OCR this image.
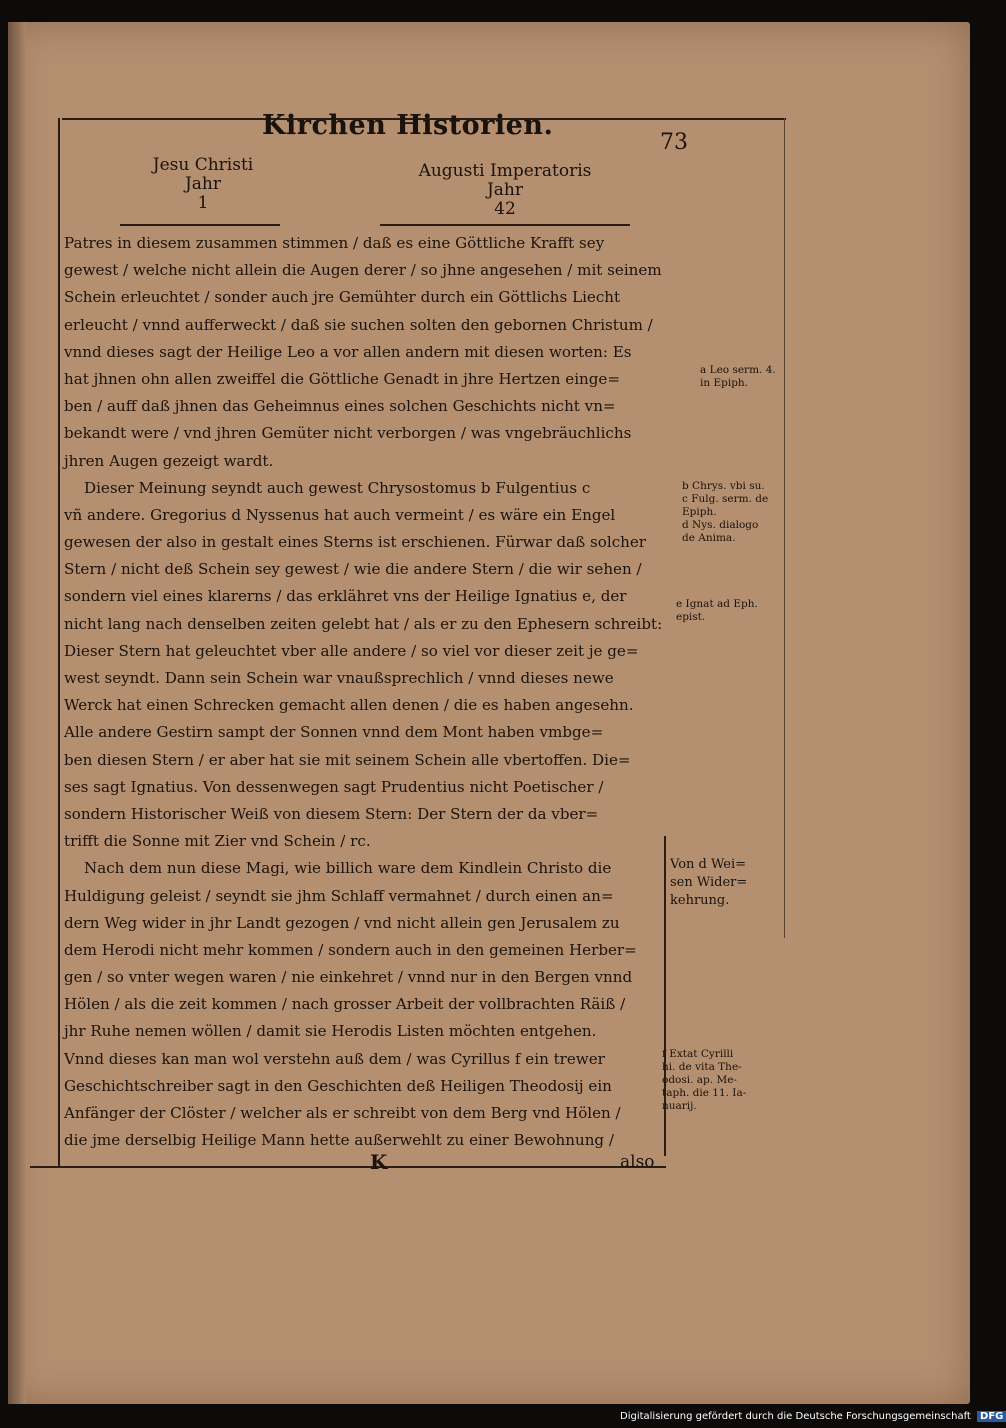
Kirchen Historien.
73
Jesu Christi
Jahr
1
Augusti Imperatoris
Jahr
42
Patres in diesem zusammen stimmen / daß es eine Göttliche Krafft sey
gewest / welche nicht allein die Augen derer / so jhne angesehen / mit seinem
Schein erleuchtet / sonder auch jre Gemühter durch ein Göttlichs Liecht
erleucht / vnnd aufferweckt / daß sie suchen solten den gebornen Christum /
vnnd dieses sagt der Heilige Leo a vor allen andern mit diesen worten: Es
hat jhnen ohn allen zweiffel die Göttliche Genadt in jhre Hertzen einge=
ben / auff daß jhnen das Geheimnus eines solchen Geschichts nicht vn=
bekandt were / vnd jhren Gemüter nicht verborgen / was vngebräuchlichs
jhren Augen gezeigt wardt.
Dieser Meinung seyndt auch gewest Chrysostomus b Fulgentius c
vñ andere. Gregorius d Nyssenus hat auch vermeint / es wäre ein Engel
gewesen der also in gestalt eines Sterns ist erschienen. Fürwar daß solcher
Stern / nicht deß Schein sey gewest / wie die andere Stern / die wir sehen /
sondern viel eines klarerns / das erklähret vns der Heilige Ignatius e, der
nicht lang nach denselben zeiten gelebt hat / als er zu den Ephesern schreibt:
Dieser Stern hat geleuchtet vber alle andere / so viel vor dieser zeit je ge=
west seyndt. Dann sein Schein war vnaußsprechlich / vnnd dieses newe
Werck hat einen Schrecken gemacht allen denen / die es haben angesehn.
Alle andere Gestirn sampt der Sonnen vnnd dem Mont haben vmbge=
ben diesen Stern / er aber hat sie mit seinem Schein alle vbertoffen. Die=
ses sagt Ignatius. Von dessenwegen sagt Prudentius nicht Poetischer /
sondern Historischer Weiß von diesem Stern: Der Stern der da vber=
trifft die Sonne mit Zier vnd Schein / rc.
Nach dem nun diese Magi, wie billich ware dem Kindlein Christo die
Huldigung geleist / seyndt sie jhm Schlaff vermahnet / durch einen an=
dern Weg wider in jhr Landt gezogen / vnd nicht allein gen Jerusalem zu
dem Herodi nicht mehr kommen / sondern auch in den gemeinen Herber=
gen / so vnter wegen waren / nie einkehret / vnnd nur in den Bergen vnnd
Hölen / als die zeit kommen / nach grosser Arbeit der vollbrachten Räiß /
jhr Ruhe nemen wöllen / damit sie Herodis Listen möchten entgehen.
Vnnd dieses kan man wol verstehn auß dem / was Cyrillus f ein trewer
Geschichtschreiber sagt in den Geschichten deß Heiligen Theodosij ein
Anfänger der Clöster / welcher als er schreibt von dem Berg vnd Hölen /
die jme derselbig Heilige Mann hette außerwehlt zu einer Bewohnung /
a Leo serm. 4.
in Epiph.
b Chrys. vbi su.
c Fulg. serm. de
Epiph.
d Nys. dialogo
de Anima.
e Ignat ad Eph.
epist.
Von d Wei=
sen Wider=
kehrung.
f Extat Cyrilli
hi. de vita The-
odosi. ap. Me-
taph. die 11. Ia-
nuarij.
K	also
Digitalisierung gefördert durch die Deutsche Forschungsgemeinschaft DFG
